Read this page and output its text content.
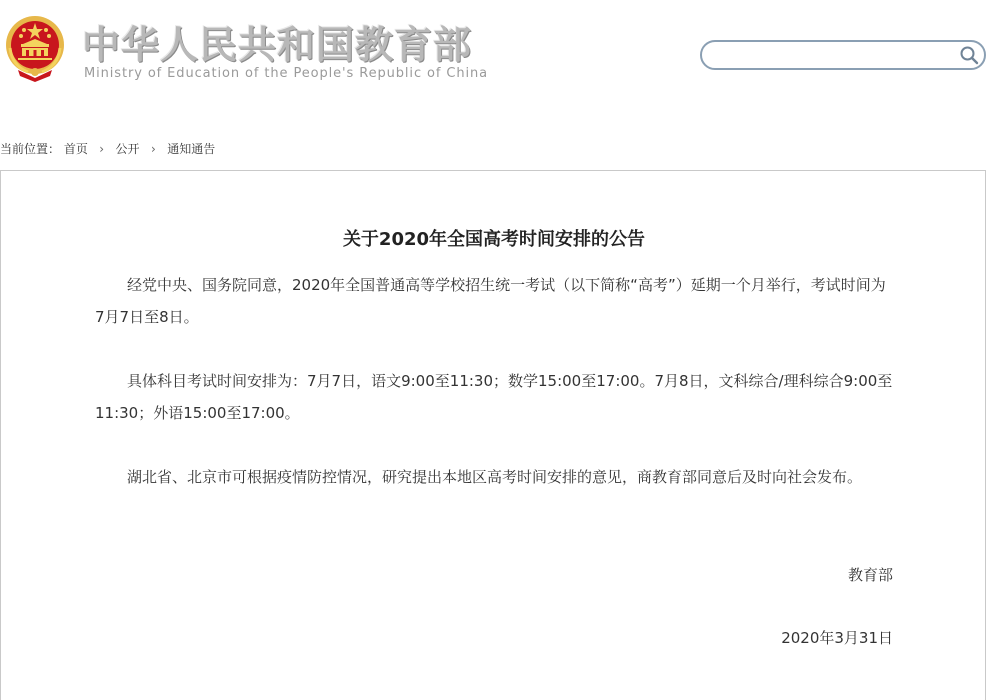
中华人民共和国教育部
Ministry of Education of the People's Republic of China
当前位置： 首页 › 公开 › 通知通告
关于2020年全国高考时间安排的公告

经党中央、国务院同意，2020年全国普通高等学校招生统一考试（以下简称“高考”）延期一个月举行，考试时间为7月7日至8日。

具体科目考试时间安排为：7月7日，语文9:00至11:30；数学15:00至17:00。7月8日，文科综合/理科综合9:00至11:30；外语15:00至17:00。

湖北省、北京市可根据疫情防控情况，研究提出本地区高考时间安排的意见，商教育部同意后及时向社会发布。

教育部
2020年3月31日
